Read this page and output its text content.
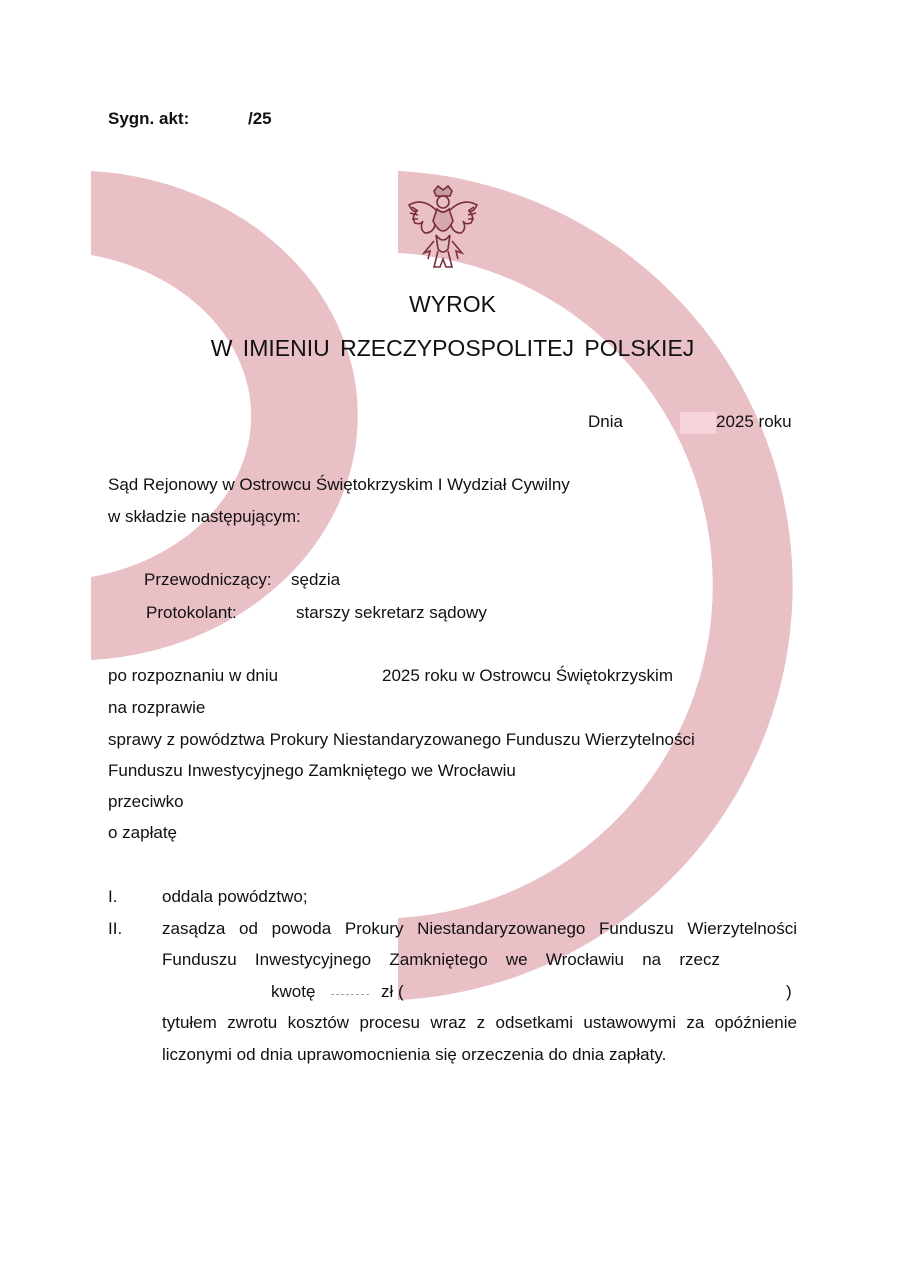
Sygn. akt:	/25
WYROK
W IMIENIU RZECZYPOSPOLITEJ POLSKIEJ
Dnia	2025 roku
Sąd Rejonowy w Ostrowcu Świętokrzyskim I Wydział Cywilny
w składzie następującym:
Przewodniczący: sędzia
Protokolant:	starszy sekretarz sądowy
po rozpoznaniu w dniu	2025 roku w Ostrowcu Świętokrzyskim
na rozprawie
sprawy z powództwa Prokury Niestandaryzowanego Funduszu Wierzytelności
Funduszu Inwestycyjnego Zamkniętego we Wrocławiu
przeciwko
o zapłatę
I.	oddala powództwo;
II. zasądza od powoda Prokury Niestandaryzowanego Funduszu Wierzytelności
Funduszu Inwestycyjnego Zamkniętego we Wrocławiu na rzecz
kwotę	zł (	)
tytułem zwrotu kosztów procesu wraz z odsetkami ustawowymi za opóźnienie
liczonymi od dnia uprawomocnienia się orzeczenia do dnia zapłaty.
